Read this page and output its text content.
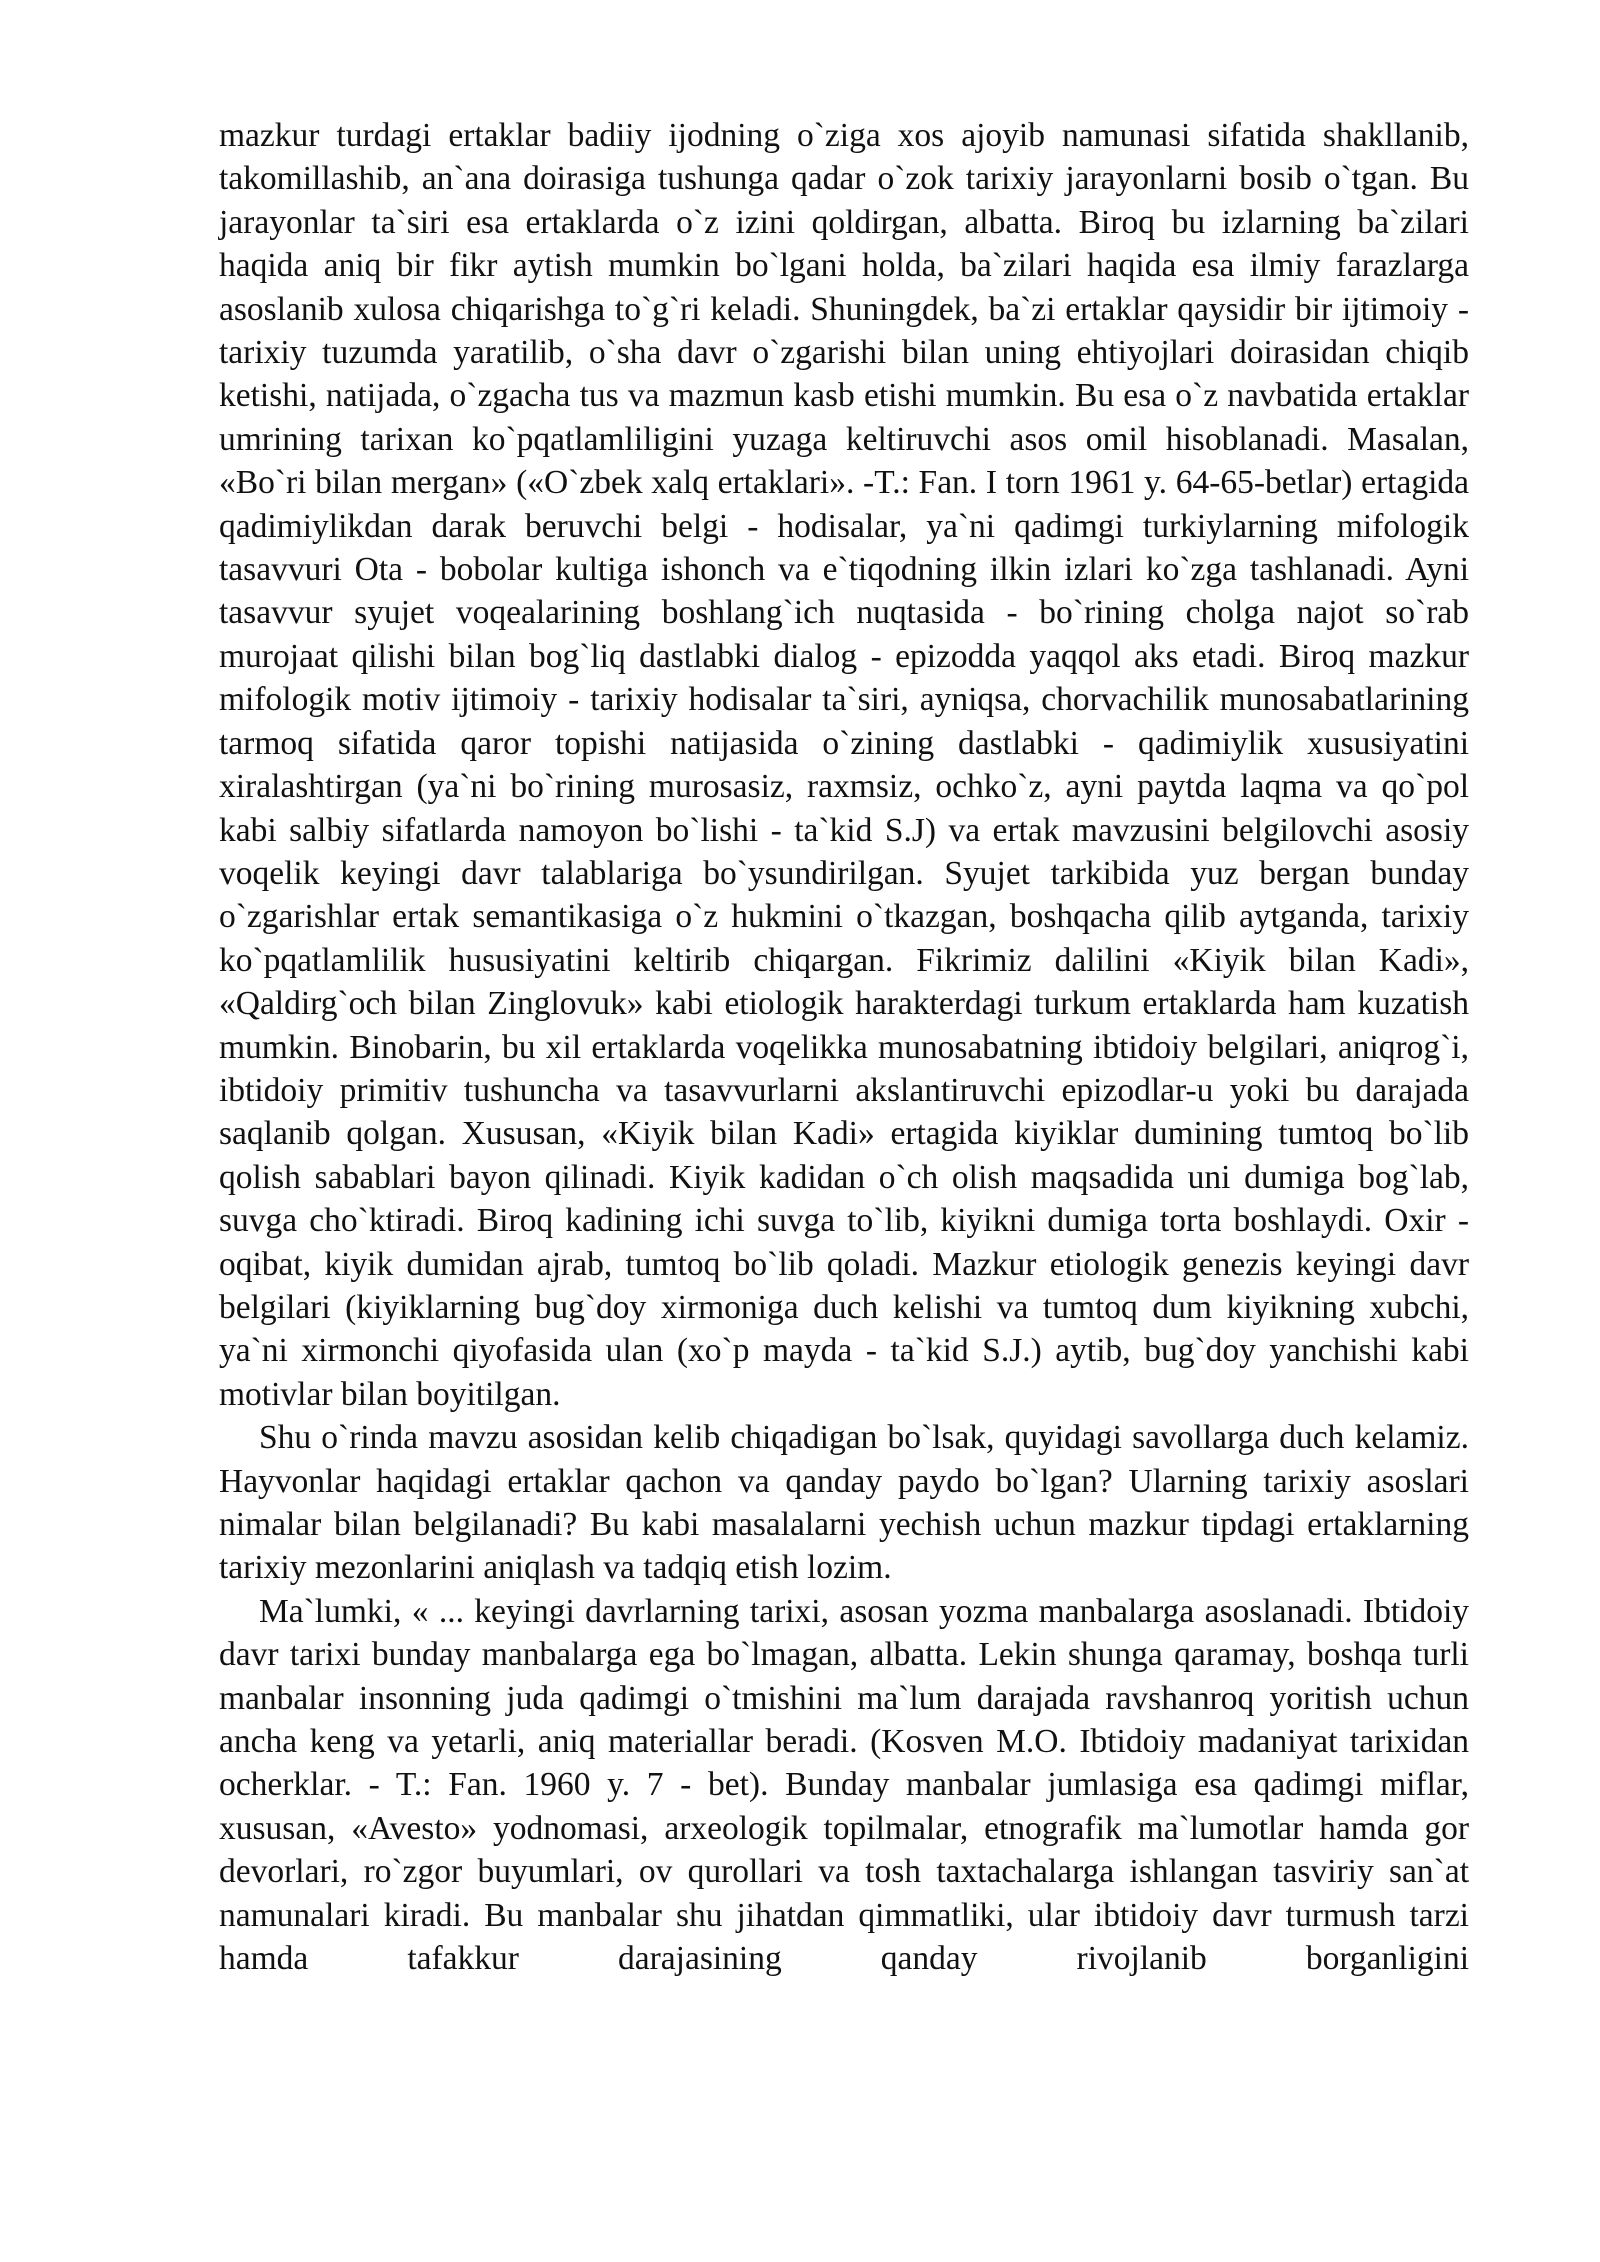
mazkur turdagi ertaklar badiiy ijodning o`ziga xos ajoyib namunasi sifatida shakllanib, takomillashib, an`ana doirasiga tushunga qadar o`zok tarixiy jarayonlarni bosib o`tgan. Bu jarayonlar ta`siri esa ertaklarda o`z izini qoldirgan, albatta. Biroq bu izlarning ba`zilari haqida aniq bir fikr aytish mumkin bo`lgani holda, ba`zilari haqida esa ilmiy farazlarga asoslanib xulosa chiqarishga to`g`ri keladi. Shuningdek, ba`zi ertaklar qaysidir bir ijtimoiy - tarixiy tuzumda yaratilib, o`sha davr o`zgarishi bilan uning ehtiyojlari doirasidan chiqib ketishi, natijada, o`zgacha tus va mazmun kasb etishi mumkin. Bu esa o`z navbatida ertaklar umrining tarixan ko`pqatlamliligini yuzaga keltiruvchi asos omil hisoblanadi. Masalan, «Bo`ri bilan mergan» («O`zbek xalq ertaklari». -T.: Fan. I torn 1961 y. 64-65-betlar) ertagida qadimiylikdan darak beruvchi belgi - hodisalar, ya`ni qadimgi turkiylarning mifologik tasavvuri Ota - bobolar kultiga ishonch va e`tiqodning ilkin izlari ko`zga tashlanadi. Ayni tasavvur syujet voqealarining boshlang`ich nuqtasida - bo`rining cholga najot so`rab murojaat qilishi bilan bog`liq dastlabki dialog - epizodda yaqqol aks etadi. Biroq mazkur mifologik motiv ijtimoiy - tarixiy hodisalar ta`siri, ayniqsa, chorvachilik munosabatlarining tarmoq sifatida qaror topishi natijasida o`zining dastlabki - qadimiylik xususiyatini xiralashtirgan (ya`ni bo`rining murosasiz, raxmsiz, ochko`z, ayni paytda laqma va qo`pol kabi salbiy sifatlarda namoyon bo`lishi - ta`kid S.J) va ertak mavzusini belgilovchi asosiy voqelik keyingi davr talablariga bo`ysundirilgan. Syujet tarkibida yuz bergan bunday o`zgarishlar ertak semantikasiga o`z hukmini o`tkazgan, boshqacha qilib aytganda, tarixiy ko`pqatlamlilik hususiyatini keltirib chiqargan. Fikrimiz dalilini «Kiyik bilan Kadi», «Qaldirg`och bilan Zinglovuk» kabi etiologik harakterdagi turkum ertaklarda ham kuzatish mumkin. Binobarin, bu xil ertaklarda voqelikka munosabatning ibtidoiy belgilari, aniqrog`i, ibtidoiy primitiv tushuncha va tasavvurlarni akslantiruvchi epizodlar-u yoki bu darajada saqlanib qolgan. Xususan, «Kiyik bilan Kadi» ertagida kiyiklar dumining tumtoq bo`lib qolish sabablari bayon qilinadi. Kiyik kadidan o`ch olish maqsadida uni dumiga bog`lab, suvga cho`ktiradi. Biroq kadining ichi suvga to`lib, kiyikni dumiga torta boshlaydi. Oxir - oqibat, kiyik dumidan ajrab, tumtoq bo`lib qoladi. Mazkur etiologik genezis keyingi davr belgilari (kiyiklarning bug`doy xirmoniga duch kelishi va tumtoq dum kiyikning xubchi, ya`ni xirmonchi qiyofasida ulan (xo`p mayda - ta`kid S.J.) aytib, bug`doy yanchishi kabi motivlar bilan boyitilgan.

Shu o`rinda mavzu asosidan kelib chiqadigan bo`lsak, quyidagi savollarga duch kelamiz. Hayvonlar haqidagi ertaklar qachon va qanday paydo bo`lgan? Ularning tarixiy asoslari nimalar bilan belgilanadi? Bu kabi masalalarni yechish uchun mazkur tipdagi ertaklarning tarixiy mezonlarini aniqlash va tadqiq etish lozim.

Ma`lumki, « ... keyingi davrlarning tarixi, asosan yozma manbalarga asoslanadi. Ibtidoiy davr tarixi bunday manbalarga ega bo`lmagan, albatta. Lekin shunga qaramay, boshqa turli manbalar insonning juda qadimgi o`tmishini ma`lum darajada ravshanroq yoritish uchun ancha keng va yetarli, aniq materiallar beradi. (Kosven M.O. Ibtidoiy madaniyat tarixidan ocherklar. - T.: Fan. 1960 y. 7 - bet). Bunday manbalar jumlasiga esa qadimgi miflar, xususan, «Avesto» yodnomasi, arxeologik topilmalar, etnografik ma`lumotlar hamda gor devorlari, ro`zgor buyumlari, ov qurollari va tosh taxtachalarga ishlangan tasviriy san`at namunalari kiradi. Bu manbalar shu jihatdan qimmatliki, ular ibtidoiy davr turmush tarzi hamda tafakkur darajasining qanday rivojlanib borganligini
